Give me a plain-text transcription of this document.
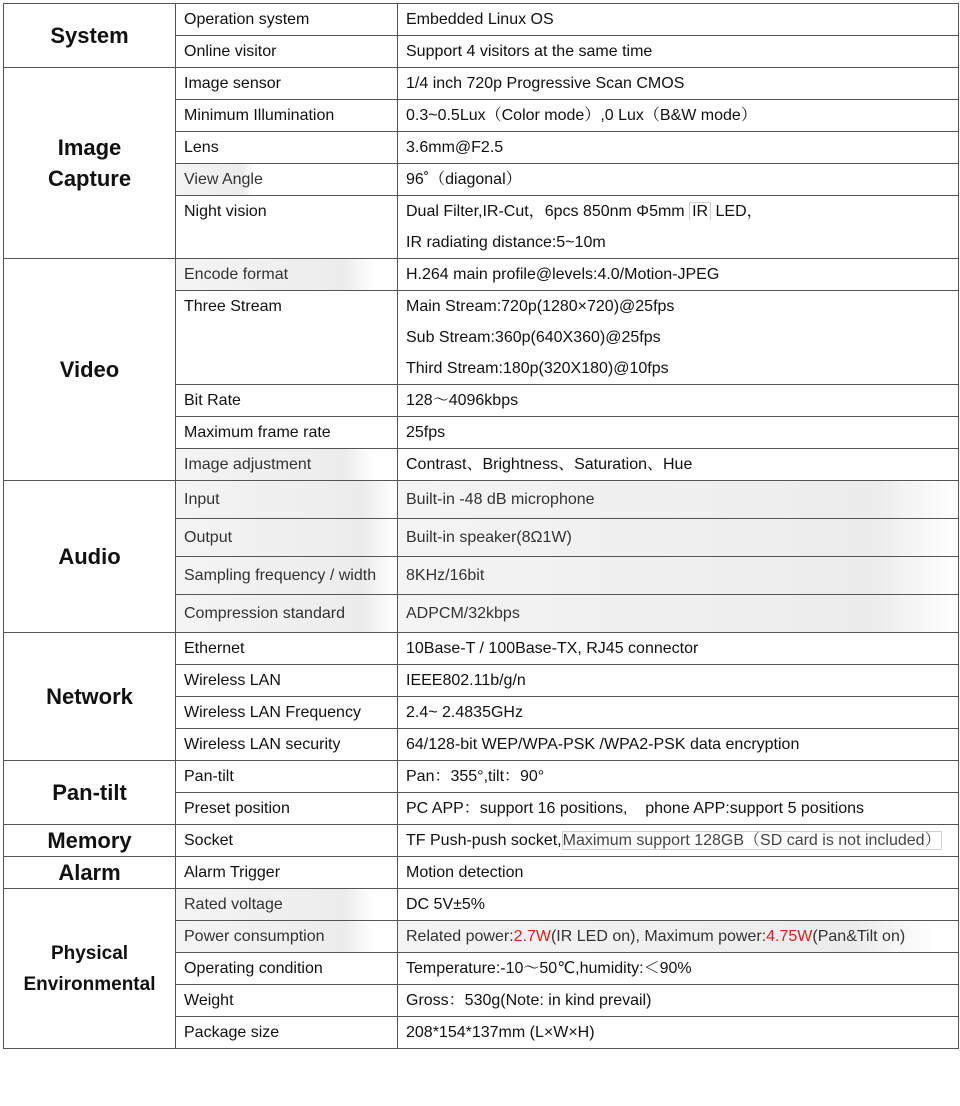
System	Operation system	Embedded Linux OS

	Online visitor	Support 4 visitors at the same time

Image
Capture	Image sensor	1/4 inch 720p Progressive Scan CMOS

	Minimum Illumination	0.3~0.5Lux（Color mode）,0 Lux（B&W mode）

	Lens	3.6mm@F2.5

	View Angle	96˚（diagonal）

	Night vision	Dual Filter,IR-Cut，6pcs 850nm Φ5mm IR LED，
IR radiating distance:5~10m

Video	Encode format	H.264 main profile@levels:4.0/Motion-JPEG

	Three Stream	Main Stream:720p(1280×720)@25fps
Sub Stream:360p(640X360)@25fps
Third Stream:180p(320X180)@10fps

	Bit Rate	128～4096kbps

	Maximum frame rate	25fps

	Image adjustment	Contrast、Brightness、Saturation、Hue

Audio	Input	Built-in -48 dB microphone

	Output	Built-in speaker(8Ω1W)

	Sampling frequency / width	8KHz/16bit

	Compression standard	ADPCM/32kbps

Network	Ethernet	10Base-T / 100Base-TX, RJ45 connector

	Wireless LAN	IEEE802.11b/g/n

	Wireless LAN Frequency	2.4~ 2.4835GHz

	Wireless LAN security	64/128-bit WEP/WPA-PSK /WPA2-PSK data encryption

Pan-tilt	Pan-tilt	Pan：355°,tilt：90°

	Preset position	PC APP：support 16 positions,    phone APP:support 5 positions

Memory	Socket	TF Push-push socket,Maximum support 128GB（SD card is not included）

Alarm	Alarm Trigger	Motion detection

Physical
Environmental	Rated voltage	DC 5V±5%

	Power consumption	Related power:2.7W(IR LED on), Maximum power:4.75W(Pan&Tilt on)

	Operating condition	Temperature:-10～50℃,humidity:＜90%

	Weight	Gross：530g(Note: in kind prevail)

	Package size	208*154*137mm (L×W×H)
